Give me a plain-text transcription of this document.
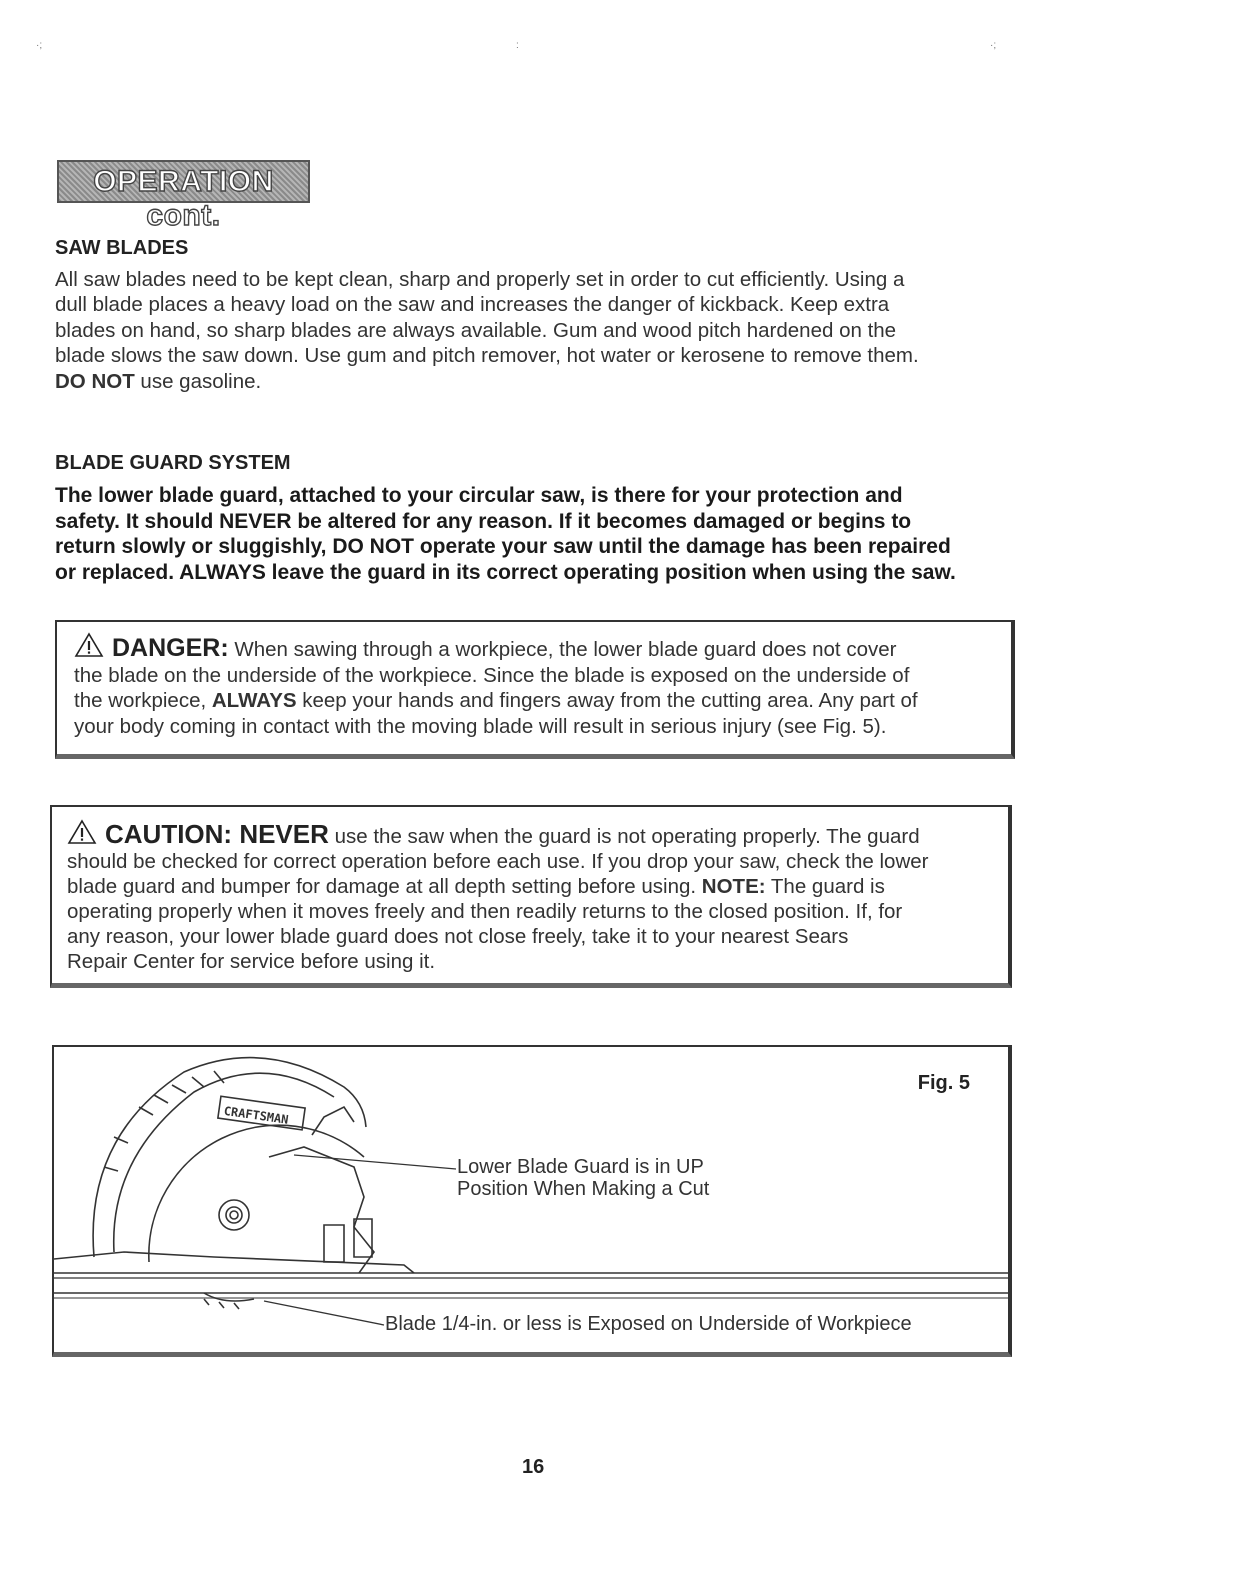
·;	:	·;
OPERATION cont.
SAW BLADES
All saw blades need to be kept clean, sharp and properly set in order to cut efficiently. Using a
dull blade places a heavy load on the saw and increases the danger of kickback. Keep extra
blades on hand, so sharp blades are always available. Gum and wood pitch hardened on the
blade slows the saw down. Use gum and pitch remover, hot water or kerosene to remove them.
DO NOT use gasoline.
BLADE GUARD SYSTEM
The lower blade guard, attached to your circular saw, is there for your protection and
safety. It should NEVER be altered for any reason. If it becomes damaged or begins to
return slowly or sluggishly, DO NOT operate your saw until the damage has been repaired
or replaced. ALWAYS leave the guard in its correct operating position when using the saw.
DANGER: When sawing through a workpiece, the lower blade guard does not cover
the blade on the underside of the workpiece. Since the blade is exposed on the underside of
the workpiece, ALWAYS keep your hands and fingers away from the cutting area. Any part of
your body coming in contact with the moving blade will result in serious injury (see Fig. 5).
CAUTION: NEVER use the saw when the guard is not operating properly. The guard
should be checked for correct operation before each use. If you drop your saw, check the lower
blade guard and bumper for damage at all depth setting before using. NOTE: The guard is
operating properly when it moves freely and then readily returns to the closed position. If, for
any reason, your lower blade guard does not close freely, take it to your nearest Sears
Repair Center for service before using it.
CRAFTSMAN
Fig. 5
Lower Blade Guard is in UP
Position When Making a Cut
Blade 1/4-in. or less is Exposed on Underside of Workpiece
16
